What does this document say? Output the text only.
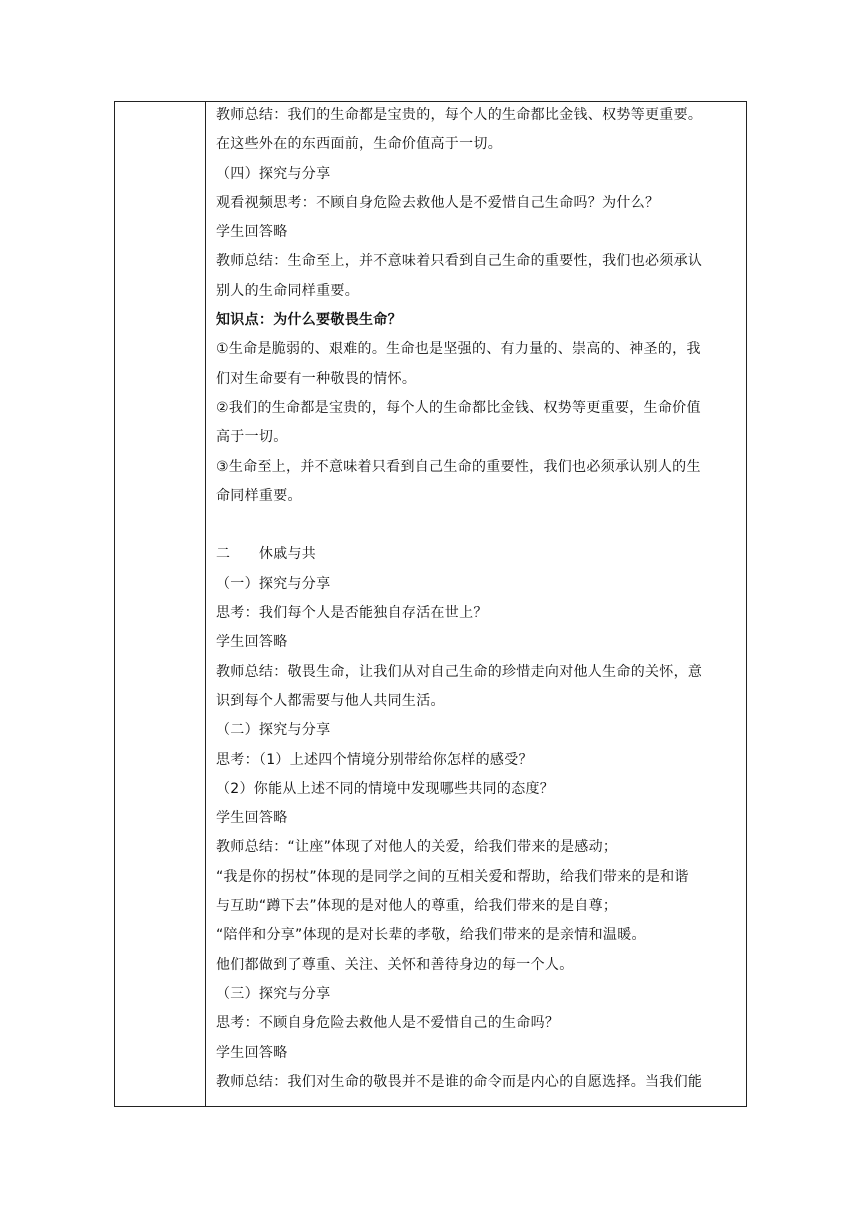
教师总结：我们的生命都是宝贵的，每个人的生命都比金钱、权势等更重要。
在这些外在的东西面前，生命价值高于一切。
（四）探究与分享
观看视频思考：不顾自身危险去救他人是不爱惜自己生命吗？为什么？
学生回答略
教师总结：生命至上，并不意味着只看到自己生命的重要性，我们也必须承认
别人的生命同样重要。
知识点：为什么要敬畏生命？
①生命是脆弱的、艰难的。生命也是坚强的、有力量的、崇高的、神圣的，我
们对生命要有一种敬畏的情怀。
②我们的生命都是宝贵的，每个人的生命都比金钱、权势等更重要，生命价值
高于一切。
③生命至上，并不意味着只看到自己生命的重要性，我们也必须承认别人的生
命同样重要。
二　　休戚与共
（一）探究与分享
思考：我们每个人是否能独自存活在世上？
学生回答略
教师总结：敬畏生命，让我们从对自己生命的珍惜走向对他人生命的关怀，意
识到每个人都需要与他人共同生活。
（二）探究与分享
思考：（1）上述四个情境分别带给你怎样的感受？
（2）你能从上述不同的情境中发现哪些共同的态度？
学生回答略
教师总结：“让座”体现了对他人的关爱，给我们带来的是感动；
“我是你的拐杖”体现的是同学之间的互相关爱和帮助，给我们带来的是和谐
与互助“蹲下去”体现的是对他人的尊重，给我们带来的是自尊；
“陪伴和分享”体现的是对长辈的孝敬，给我们带来的是亲情和温暖。
他们都做到了尊重、关注、关怀和善待身边的每一个人。
（三）探究与分享
思考：不顾自身危险去救他人是不爱惜自己的生命吗？
学生回答略
教师总结：我们对生命的敬畏并不是谁的命令而是内心的自愿选择。当我们能
